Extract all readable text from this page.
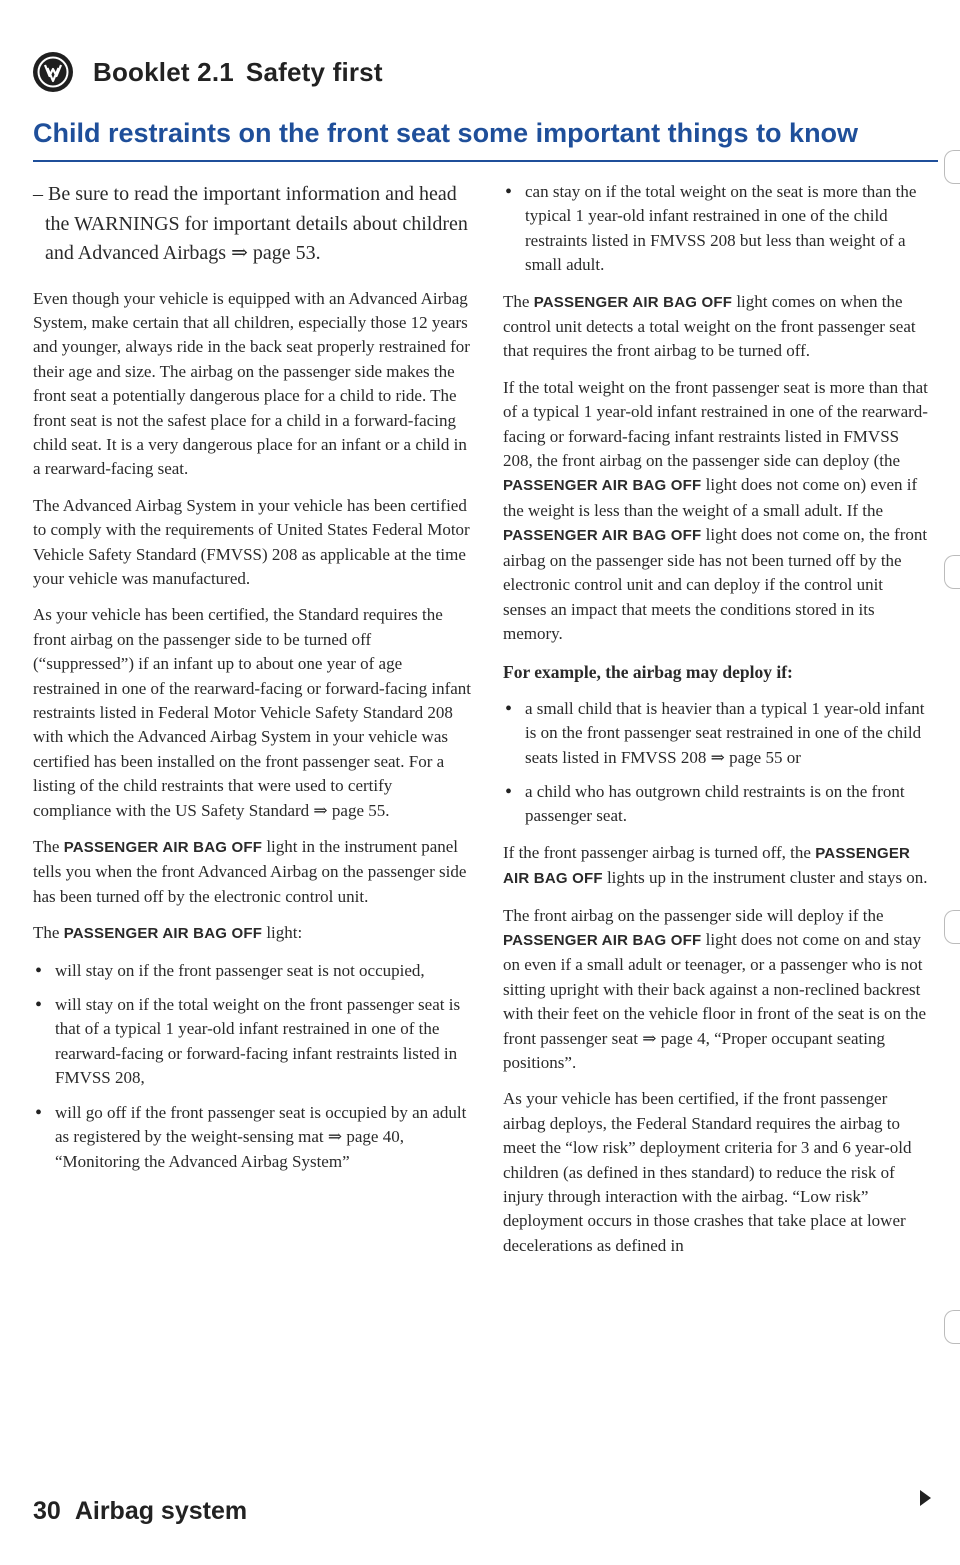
Booklet 2.1 Safety first
Child restraints on the front seat some important things to know

– Be sure to read the important information and head the WARNINGS for important details about children and Advanced Airbags ⇒ page 53.

Even though your vehicle is equipped with an Advanced Airbag System, make certain that all children, especially those 12 years and younger, always ride in the back seat properly restrained for their age and size. The airbag on the passenger side makes the front seat a potentially dangerous place for a child to ride. The front seat is not the safest place for a child in a forward-facing child seat. It is a very dangerous place for an infant or a child in a rearward-facing seat.

The Advanced Airbag System in your vehicle has been certified to comply with the requirements of United States Federal Motor Vehicle Safety Standard (FMVSS) 208 as applicable at the time your vehicle was manufactured.

As your vehicle has been certified, the Standard requires the front airbag on the passenger side to be turned off (“suppressed”) if an infant up to about one year of age restrained in one of the rearward-facing or forward-facing infant restraints listed in Federal Motor Vehicle Safety Standard 208 with which the Advanced Airbag System in your vehicle was certified has been installed on the front passenger seat. For a listing of the child restraints that were used to certify compliance with the US Safety Standard ⇒ page 55.

The PASSENGER AIR BAG OFF light in the instrument panel tells you when the front Advanced Airbag on the passenger side has been turned off by the electronic control unit.

The PASSENGER AIR BAG OFF light:

• will stay on if the front passenger seat is not occupied,
• will stay on if the total weight on the front passenger seat is that of a typical 1 year-old infant restrained in one of the rearward-facing or forward-facing infant restraints listed in FMVSS 208,
• will go off if the front passenger seat is occupied by an adult as registered by the weight-sensing mat ⇒ page 40, “Monitoring the Advanced Airbag System”
• can stay on if the total weight on the seat is more than the typical 1 year-old infant restrained in one of the child restraints listed in FMVSS 208 but less than weight of a small adult.

The PASSENGER AIR BAG OFF light comes on when the control unit detects a total weight on the front passenger seat that requires the front airbag to be turned off.

If the total weight on the front passenger seat is more than that of a typical 1 year-old infant restrained in one of the rearward-facing or forward-facing infant restraints listed in FMVSS 208, the front airbag on the passenger side can deploy (the PASSENGER AIR BAG OFF light does not come on) even if the weight is less than the weight of a small adult. If the PASSENGER AIR BAG OFF light does not come on, the front airbag on the passenger side has not been turned off by the electronic control unit and can deploy if the control unit senses an impact that meets the conditions stored in its memory.

For example, the airbag may deploy if:

• a small child that is heavier than a typical 1 year-old infant is on the front passenger seat restrained in one of the child seats listed in FMVSS 208 ⇒ page 55 or
• a child who has outgrown child restraints is on the front passenger seat.

If the front passenger airbag is turned off, the PASSENGER AIR BAG OFF lights up in the instrument cluster and stays on.

The front airbag on the passenger side will deploy if the PASSENGER AIR BAG OFF light does not come on and stay on even if a small adult or teenager, or a passenger who is not sitting upright with their back against a non-reclined backrest with their feet on the vehicle floor in front of the seat is on the front passenger seat ⇒ page 4, “Proper occupant seating positions”.

As your vehicle has been certified, if the front passenger airbag deploys, the Federal Standard requires the airbag to meet the “low risk” deployment criteria for 3 and 6 year-old children (as defined in thes standard) to reduce the risk of injury through interaction with the airbag. “Low risk” deployment occurs in those crashes that take place at lower decelerations as defined in

30 Airbag system
